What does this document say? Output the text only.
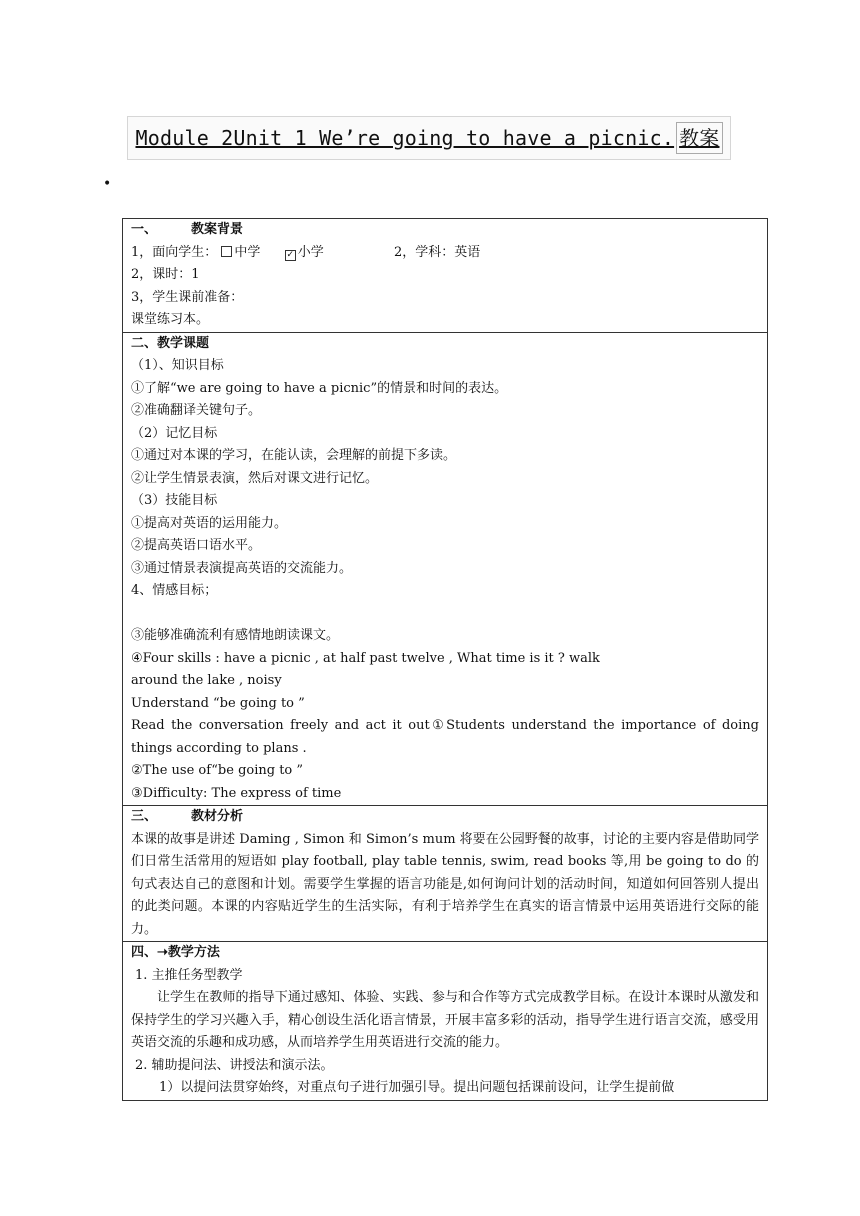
Module 2Unit 1 We’re going to have a picnic. 教案
•
一、	教案背景
1，面向学生： 中学	✓ 小学	2，学科：英语
2，课时：1
3，学生课前准备：
课堂练习本。
二、教学课题
（1）、知识目标
①了解“we are going to have a picnic”的情景和时间的表达。
②准确翻译关键句子。
（2）记忆目标
①通过对本课的学习，在能认读，会理解的前提下多读。
②让学生情景表演，然后对课文进行记忆。
（3）技能目标
①提高对英语的运用能力。
②提高英语口语水平。
③通过情景表演提高英语的交流能力。
4、情感目标；

③能够准确流利有感情地朗读课文。
④Four skills : have a picnic , at half past twelve , What time is it ? walk
around the lake , noisy
Understand “be going to ”
Read the conversation freely and act it out①Students understand the importance of doing things according to plans .
②The use of“be going to ”
③Difficulty: The express of time
三、	教材分析
本课的故事是讲述 Daming , Simon 和 Simon’s mum 将要在公园野餐的故事，讨论的主要内容是借助同学们日常生活常用的短语如 play football, play table tennis, swim, read books 等,用 be going to do 的句式表达自己的意图和计划。需要学生掌握的语言功能是,如何询问计划的活动时间，知道如何回答别人提出的此类问题。本课的内容贴近学生的生活实际，有利于培养学生在真实的语言情景中运用英语进行交际的能力。
四、➝教学方法
1. 主推任务型教学
让学生在教师的指导下通过感知、体验、实践、参与和合作等方式完成教学目标。在设计本课时从激发和保持学生的学习兴趣入手，精心创设生活化语言情景，开展丰富多彩的活动，指导学生进行语言交流，感受用英语交流的乐趣和成功感，从而培养学生用英语进行交流的能力。
2. 辅助提问法、讲授法和演示法。
1）以提问法贯穿始终，对重点句子进行加强引导。提出问题包括课前设问，让学生提前做
